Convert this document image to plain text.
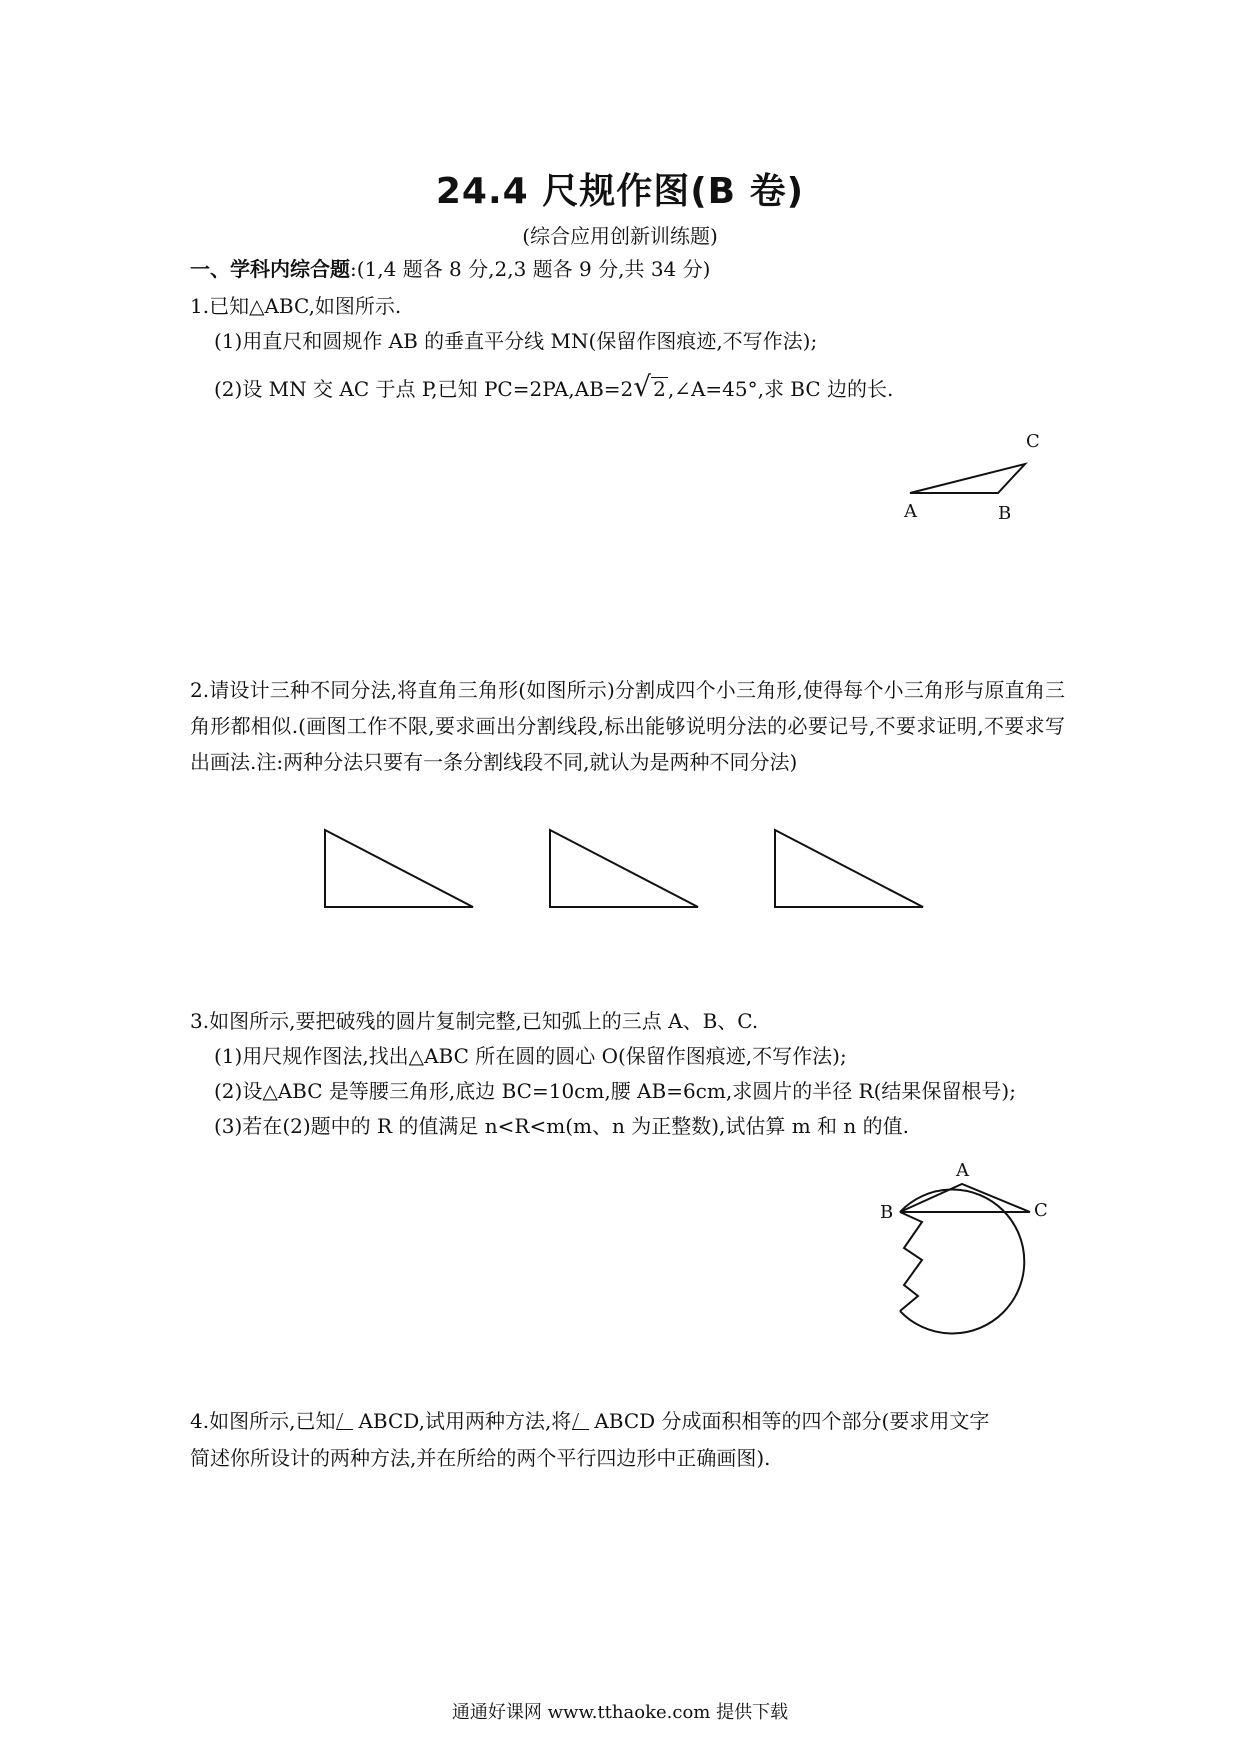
24.4 尺规作图(B 卷)
(综合应用创新训练题)
一、学科内综合题:(1,4 题各 8 分,2,3 题各 9 分,共 34 分)
1.已知△ABC,如图所示.
(1)用直尺和圆规作 AB 的垂直平分线 MN(保留作图痕迹,不写作法);
(2)设 MN 交 AC 于点 P,已知 PC=2PA,AB=2√ 2 ,∠A=45°,求 BC 边的长.
A	B
C
2.请设计三种不同分法,将直角三角形(如图所示)分割成四个小三角形,使得每个小三角形与原直角三角形都相似.(画图工作不限,要求画出分割线段,标出能够说明分法的必要记号,不要求证明,不要求写出画法.注:两种分法只要有一条分割线段不同,就认为是两种不同分法)
3.如图所示,要把破残的圆片复制完整,已知弧上的三点 A、B、C.
(1)用尺规作图法,找出△ABC 所在圆的圆心 O(保留作图痕迹,不写作法);
(2)设△ABC 是等腰三角形,底边 BC=10cm,腰 AB=6cm,求圆片的半径 R(结果保留根号);
(3)若在(2)题中的 R 的值满足 n<R<m(m、n 为正整数),试估算 m 和 n 的值.
A
B	C
4.如图所示,已知 ABCD,试用两种方法,将 ABCD 分成面积相等的四个部分(要求用文字
简述你所设计的两种方法,并在所给的两个平行四边形中正确画图).
通通好课网 www.tthaoke.com 提供下载
